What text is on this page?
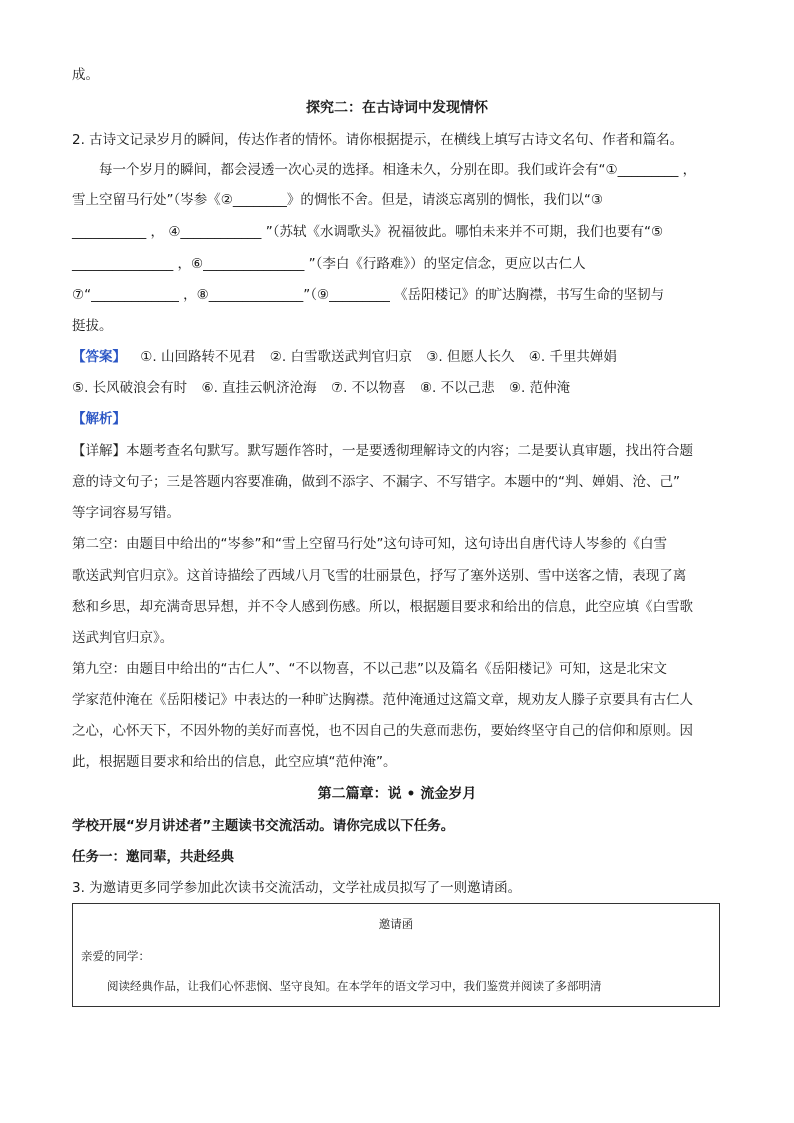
成。
探究二：在古诗词中发现情怀
2. 古诗文记录岁月的瞬间，传达作者的情怀。请你根据提示，在横线上填写古诗文名句、作者和篇名。
　　每一个岁月的瞬间，都会浸透一次心灵的选择。相逢未久，分别在即。我们或许会有“①_________ ，
雪上空留马行处”（岑参《②________》的惆怅不舍。但是，请淡忘离别的惆怅，我们以“③
___________ ， ④____________ ”（苏轼《水调歌头》祝福彼此。哪怕未来并不可期，我们也要有“⑤
_______________ ，⑥_______________ ”（李白《行路难》）的坚定信念，更应以古仁人
⑦“_____________ ，⑧______________”（⑨_________ 《岳阳楼记》的旷达胸襟，书写生命的坚韧与
挺拔。
【答案】 ①. 山回路转不见君 ②. 白雪歌送武判官归京 ③. 但愿人长久 ④. 千里共婵娟
⑤. 长风破浪会有时 ⑥. 直挂云帆济沧海 ⑦. 不以物喜 ⑧. 不以己悲 ⑨. 范仲淹
【解析】
【详解】本题考查名句默写。默写题作答时，一是要透彻理解诗文的内容；二是要认真审题，找出符合题
意的诗文句子；三是答题内容要准确，做到不添字、不漏字、不写错字。本题中的“判、婵娟、沧、己”
等字词容易写错。
第二空：由题目中给出的“岑参”和“雪上空留马行处”这句诗可知，这句诗出自唐代诗人岑参的《白雪
歌送武判官归京》。这首诗描绘了西域八月飞雪的壮丽景色，抒写了塞外送别、雪中送客之情，表现了离
愁和乡思，却充满奇思异想，并不令人感到伤感。所以，根据题目要求和给出的信息，此空应填《白雪歌
送武判官归京》。
第九空：由题目中给出的“古仁人”、“不以物喜，不以己悲”以及篇名《岳阳楼记》可知，这是北宋文
学家范仲淹在《岳阳楼记》中表达的一种旷达胸襟。范仲淹通过这篇文章，规劝友人滕子京要具有古仁人
之心，心怀天下，不因外物的美好而喜悦，也不因自己的失意而悲伤，要始终坚守自己的信仰和原则。因
此，根据题目要求和给出的信息，此空应填“范仲淹”。
第二篇章：说 • 流金岁月
学校开展“岁月讲述者”主题读书交流活动。请你完成以下任务。
任务一：邀同辈，共赴经典
3. 为邀请更多同学参加此次读书交流活动，文学社成员拟写了一则邀请函。
邀请函
亲爱的同学：
阅读经典作品，让我们心怀悲悯、坚守良知。在本学年的语文学习中，我们鉴赏并阅读了多部明清
